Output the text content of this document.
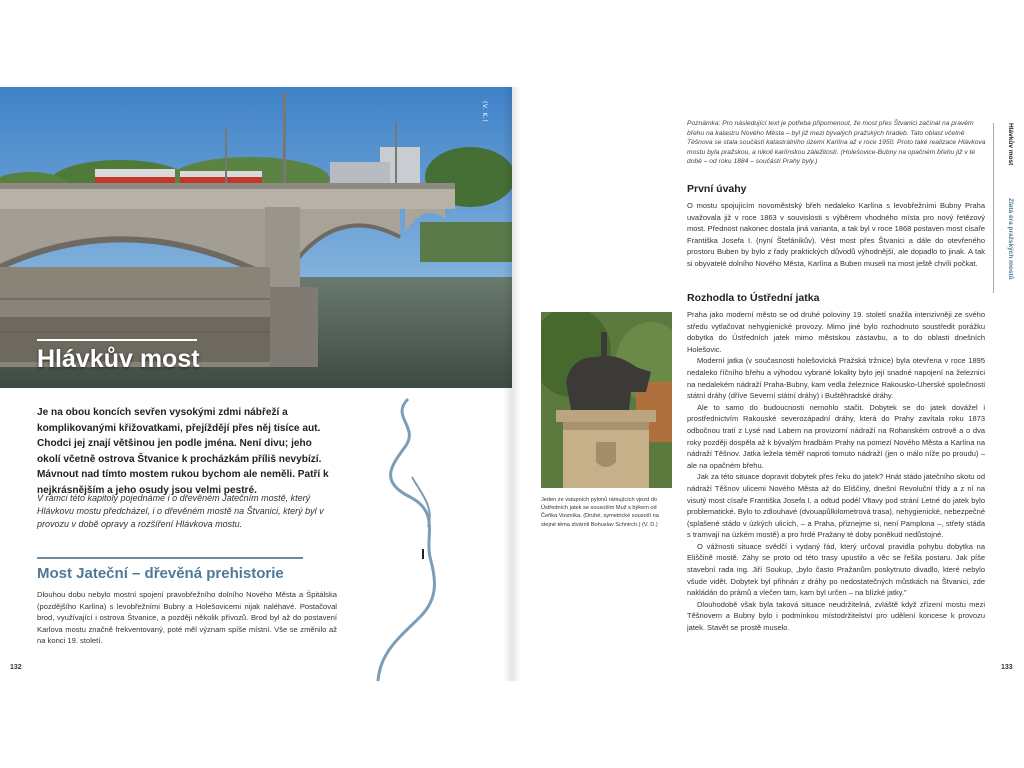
(V. K.)
Hlávkův most

Je na obou koncích sevřen vysokými zdmi nábřeží a komplikovanými křižovatkami, přejíždějí přes něj tisíce aut. Chodci jej znají většinou jen podle jména. Není divu; jeho okolí včetně ostrova Štvanice k procházkám příliš nevybízí. Mávnout nad tímto mostem rukou bychom ale neměli. Patří k nejkrásnějším a jeho osudy jsou velmi pestré.

V rámci této kapitoly pojednáme i o dřevěném Jatečním mostě, který Hlávkovu mostu předcházel, i o dřevěném mostě na Štvanici, který byl v provozu v době opravy a rozšíření Hlávkova mostu.

Most Jateční – dřevěná prehistorie

Dlouhou dobu nebylo mostní spojení pravobřežního dolního Nového Města a Špitálska (pozdějšího Karlína) s levobřežními Bubny a Holešovicemi nijak naléhavé. Postačoval brod, využívající i ostrova Štvanice, a později několik přívozů. Brod byl až do postavení Karlova mostu značně frekventovaný, poté měl význam spíše místní. Vše se změnilo až na konci 19. století.

132

Poznámka: Pro následující text je potřeba připomenout, že most přes Štvanici začínal na pravém břehu na katastru Nového Města – byl již mezi bývalých pražských hradeb. Tato oblast včetně Těšnova se stala součástí katastrálního území Karlína až v roce 1950. Proto také realizace Hlávkova mostu byla pražskou, a nikoli karlínskou záležitostí. (Holešovice-Bubny na opačném břehu již v té době – od roku 1884 – součástí Prahy byly.)	Hlávkův most
Zlatá éra pražských mostů
První úvahy

O mostu spojujícím novoměstský břeh nedaleko Karlína s levobřežními Bubny Praha uvažovala již v roce 1863 v souvislosti s výběrem vhodného místa pro nový řetězový most. Přednost nakonec dostala jiná varianta, a tak byl v roce 1868 postaven most císaře Františka Josefa I. (nyní Štefánikův). Vést most přes Štvanici a dále do otevřeného prostoru Buben by bylo z řady praktických důvodů výhodnější, ale dopadlo to jinak. A tak si obyvatelé dolního Nového Města, Karlína a Buben museli na most ještě chvíli počkat.

Rozhodla to Ústřední jatka

Praha jako moderní město se od druhé poloviny 19. století snažila intenzivněji ze svého středu vytlačovat nehygienické provozy. Mimo jiné bylo rozhodnuto soustředit porážku dobytka do Ústředních jatek mimo městskou zástavbu, a to do oblasti dnešních Holešovic.

Moderní jatka (v současnosti holešovická Pražská tržnice) byla otevřena v roce 1895 nedaleko říčního břehu a výhodou vybrané lokality bylo její snadné napojení na železnici na nedalekém nádraží Praha-Bubny, kam vedla železnice Rakousko-Uherské společnosti státní dráhy (dříve Severní státní dráhy) i Buštěhradské dráhy.

Ale to samo do budoucnosti nemohlo stačit. Dobytek se do jatek dovážel i prostřednictvím Rakouské severozápadní dráhy, která do Prahy zavítala roku 1873 odbočnou tratí z Lysé nad Labem na provizorní nádraží na Rohanském ostrově a o dva roky později dospěla až k bývalým hradbám Prahy na pomezí Nového Města a Karlína na nádraží Těšnov. Jatka ležela téměř naproti tomuto nádraží (jen o málo níže po proudu) – ale na opačném břehu.

Jak za této situace dopravit dobytek přes řeku do jatek? Hnát stádo jatečního skotu od nádraží Těšnov ulicemi Nového Města až do Eliščiny, dnešní Revoluční třídy a z ní na visutý most císaře Františka Josefa I. a odtud podél Vltavy pod strání Letné do jatek bylo problematické. Bylo to zdlouhavé (dvouapůlkilometrová trasa), nehygienické, nebezpečné (splašené stádo v úzkých ulicích, – a Praha, přiznejme si, není Pamplona –, střety stáda s tramvají na úzkém mostě) a pro hrdé Pražany té doby poněkud nedůstojné.

O vážnosti situace svědčí i vydaný řád, který určoval pravidla pohybu dobytka na Eliščině mostě. Záhy se proto od této trasy upustilo a věc se řešila postaru. Jak píše stavební rada ing. Jiří Soukup, „bylo často Pražanům poskytnuto divadlo, které nebylo všude vidět. Dobytek byl přihnán z dráhy po nedostatečných můstkách na Štvanici, zde nakládán do prámů a vlečen tam, kam byl určen – na blízké jatky."

Dlouhodobě však byla taková situace neudržitelná, zvláště když zřízení mostu mezi Těšnovem a Bubny bylo i podmínkou místodržitelství pro udělení koncese k provozu jatek. Stavět se prostě muselo.

Jeden ze vstupních pylonů rámujících vjezd do Ústředních jatek se sousoším Muž s býkem od Čeňka Vosmíka. (Druhé, symetrické sousoší na stejné téma ztvárnil Bohuslav Schnirch.) (V. D.)

133
